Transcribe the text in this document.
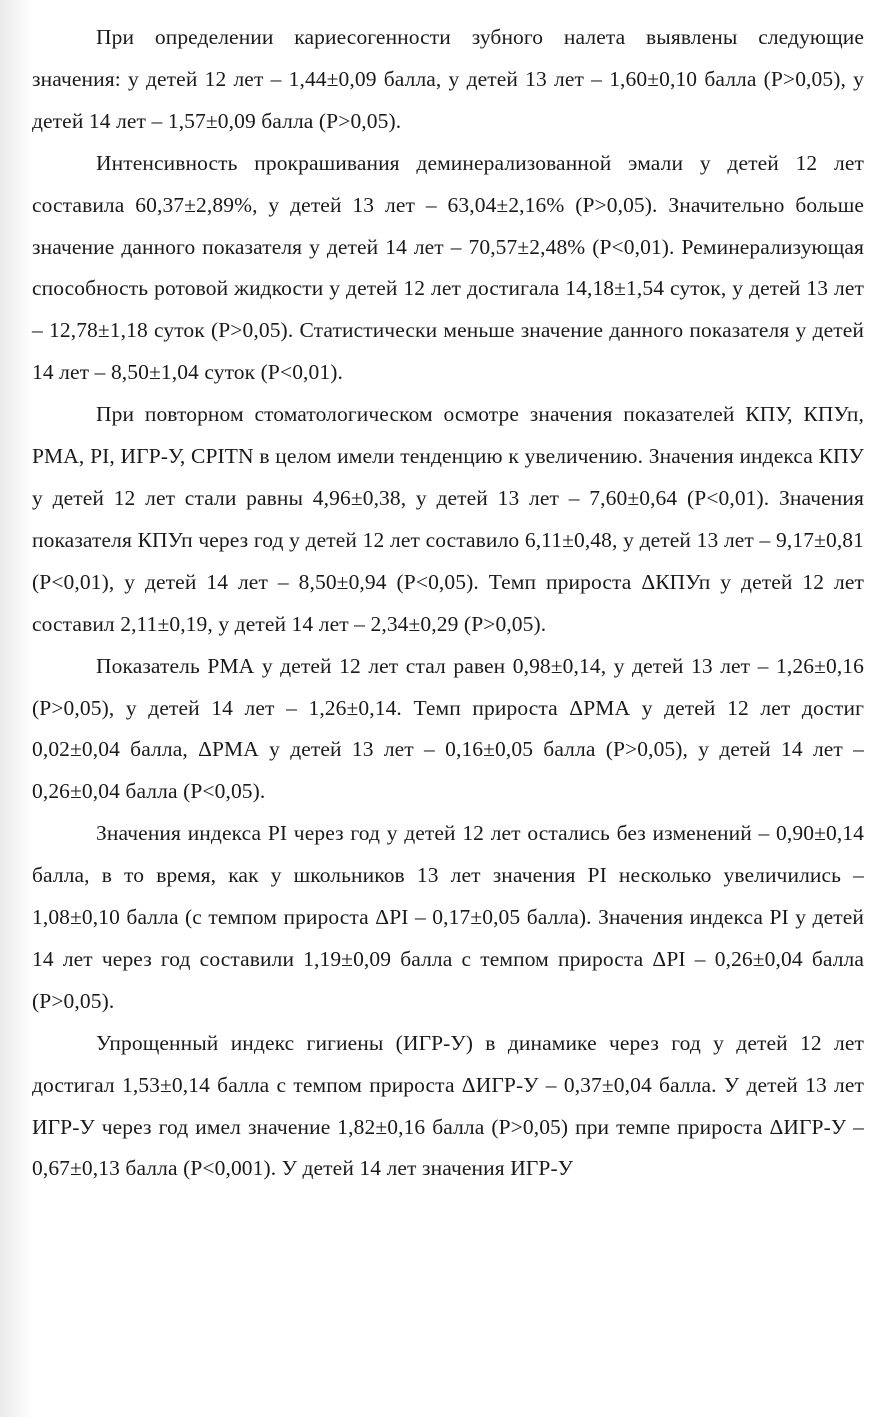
При определении кариесогенности зубного налета выявлены следующие значения: у детей 12 лет – 1,44±0,09 балла, у детей 13 лет – 1,60±0,10 балла (P>0,05), у детей 14 лет – 1,57±0,09 балла (P>0,05).

Интенсивность прокрашивания деминерализованной эмали у детей 12 лет составила 60,37±2,89%, у детей 13 лет – 63,04±2,16% (P>0,05). Значительно больше значение данного показателя у детей 14 лет – 70,57±2,48% (P<0,01). Реминерализующая способность ротовой жидкости у детей 12 лет достигала 14,18±1,54 суток, у детей 13 лет – 12,78±1,18 суток (P>0,05). Статистически меньше значение данного показателя у детей 14 лет – 8,50±1,04 суток (P<0,01).

При повторном стоматологическом осмотре значения показателей КПУ, КПУп, РМА, PI, ИГР-У, CPITN в целом имели тенденцию к увеличению. Значения индекса КПУ у детей 12 лет стали равны 4,96±0,38, у детей 13 лет – 7,60±0,64 (P<0,01). Значения показателя КПУп через год у детей 12 лет составило 6,11±0,48, у детей 13 лет – 9,17±0,81 (P<0,01), у детей 14 лет – 8,50±0,94 (P<0,05). Темп прироста ΔКПУп у детей 12 лет составил 2,11±0,19, у детей 14 лет – 2,34±0,29 (P>0,05).

Показатель РМА у детей 12 лет стал равен 0,98±0,14, у детей 13 лет – 1,26±0,16 (P>0,05), у детей 14 лет – 1,26±0,14. Темп прироста ΔРМА у детей 12 лет достиг 0,02±0,04 балла, ΔРМА у детей 13 лет – 0,16±0,05 балла (P>0,05), у детей 14 лет – 0,26±0,04 балла (P<0,05).

Значения индекса PI через год у детей 12 лет остались без изменений – 0,90±0,14 балла, в то время, как у школьников 13 лет значения PI несколько увеличились – 1,08±0,10 балла (с темпом прироста ΔPI – 0,17±0,05 балла). Значения индекса PI у детей 14 лет через год составили 1,19±0,09 балла с темпом прироста ΔPI – 0,26±0,04 балла (P>0,05).

Упрощенный индекс гигиены (ИГР-У) в динамике через год у детей 12 лет достигал 1,53±0,14 балла с темпом прироста ΔИГР-У – 0,37±0,04 балла. У детей 13 лет ИГР-У через год имел значение 1,82±0,16 балла (P>0,05) при темпе прироста ΔИГР-У – 0,67±0,13 балла (P<0,001). У детей 14 лет значения ИГР-У
